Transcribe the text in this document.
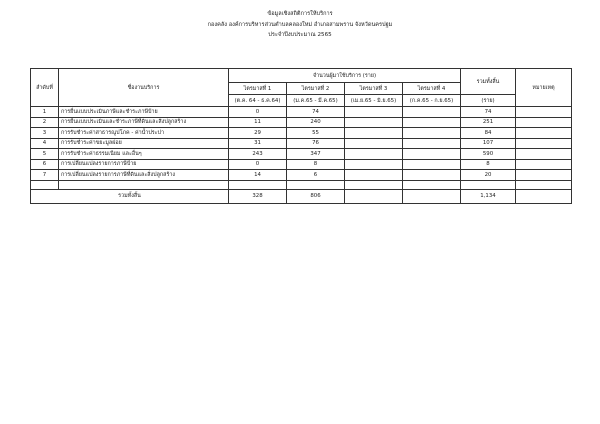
ข้อมูลเชิงสถิติการให้บริการ
กองคลัง องค์การบริหารส่วนตำบลคลองใหม่ อำเภอสามพราน จังหวัดนครปฐม
ประจำปีงบประมาณ 2565
ลำดับที่	ชื่องานบริการ	จำนวนผู้มาใช้บริการ (ราย)				รวมทั้งสิ้น	หมายเหตุ
		ไตรมาสที่ 1	ไตรมาสที่ 2	ไตรมาสที่ 3	ไตรมาสที่ 4		
		(ต.ค. 64 - ธ.ค.64)	(ม.ค.65 - มี.ค.65)	(เม.ย.65 - มิ.ย.65)	(ก.ค.65 - ก.ย.65)	(ราย)	
1	การยื่นแบบประเมินภาษีและชำระภาษีป้าย	0	74			74	
2	การยื่นแบบประเมินและชำระภาษีที่ดินและสิ่งปลูกสร้าง	11	240			251	
3	การรับชำระค่าสาธารณูปโภค - ค่าน้ำประปา	29	55			84	
4	การรับชำระค่าขยะมูลฝอย	31	76			107	
5	การรับชำระค่าธรรมเนียม และอื่นๆ	243	347			590	
6	การเปลี่ยนแปลงรายการภาษีป้าย	0	8			8	
7	การเปลี่ยนแปลงรายการภาษีที่ดินและสิ่งปลูกสร้าง	14	6			20	

รวมทั้งสิ้น		328	806			1,134	
